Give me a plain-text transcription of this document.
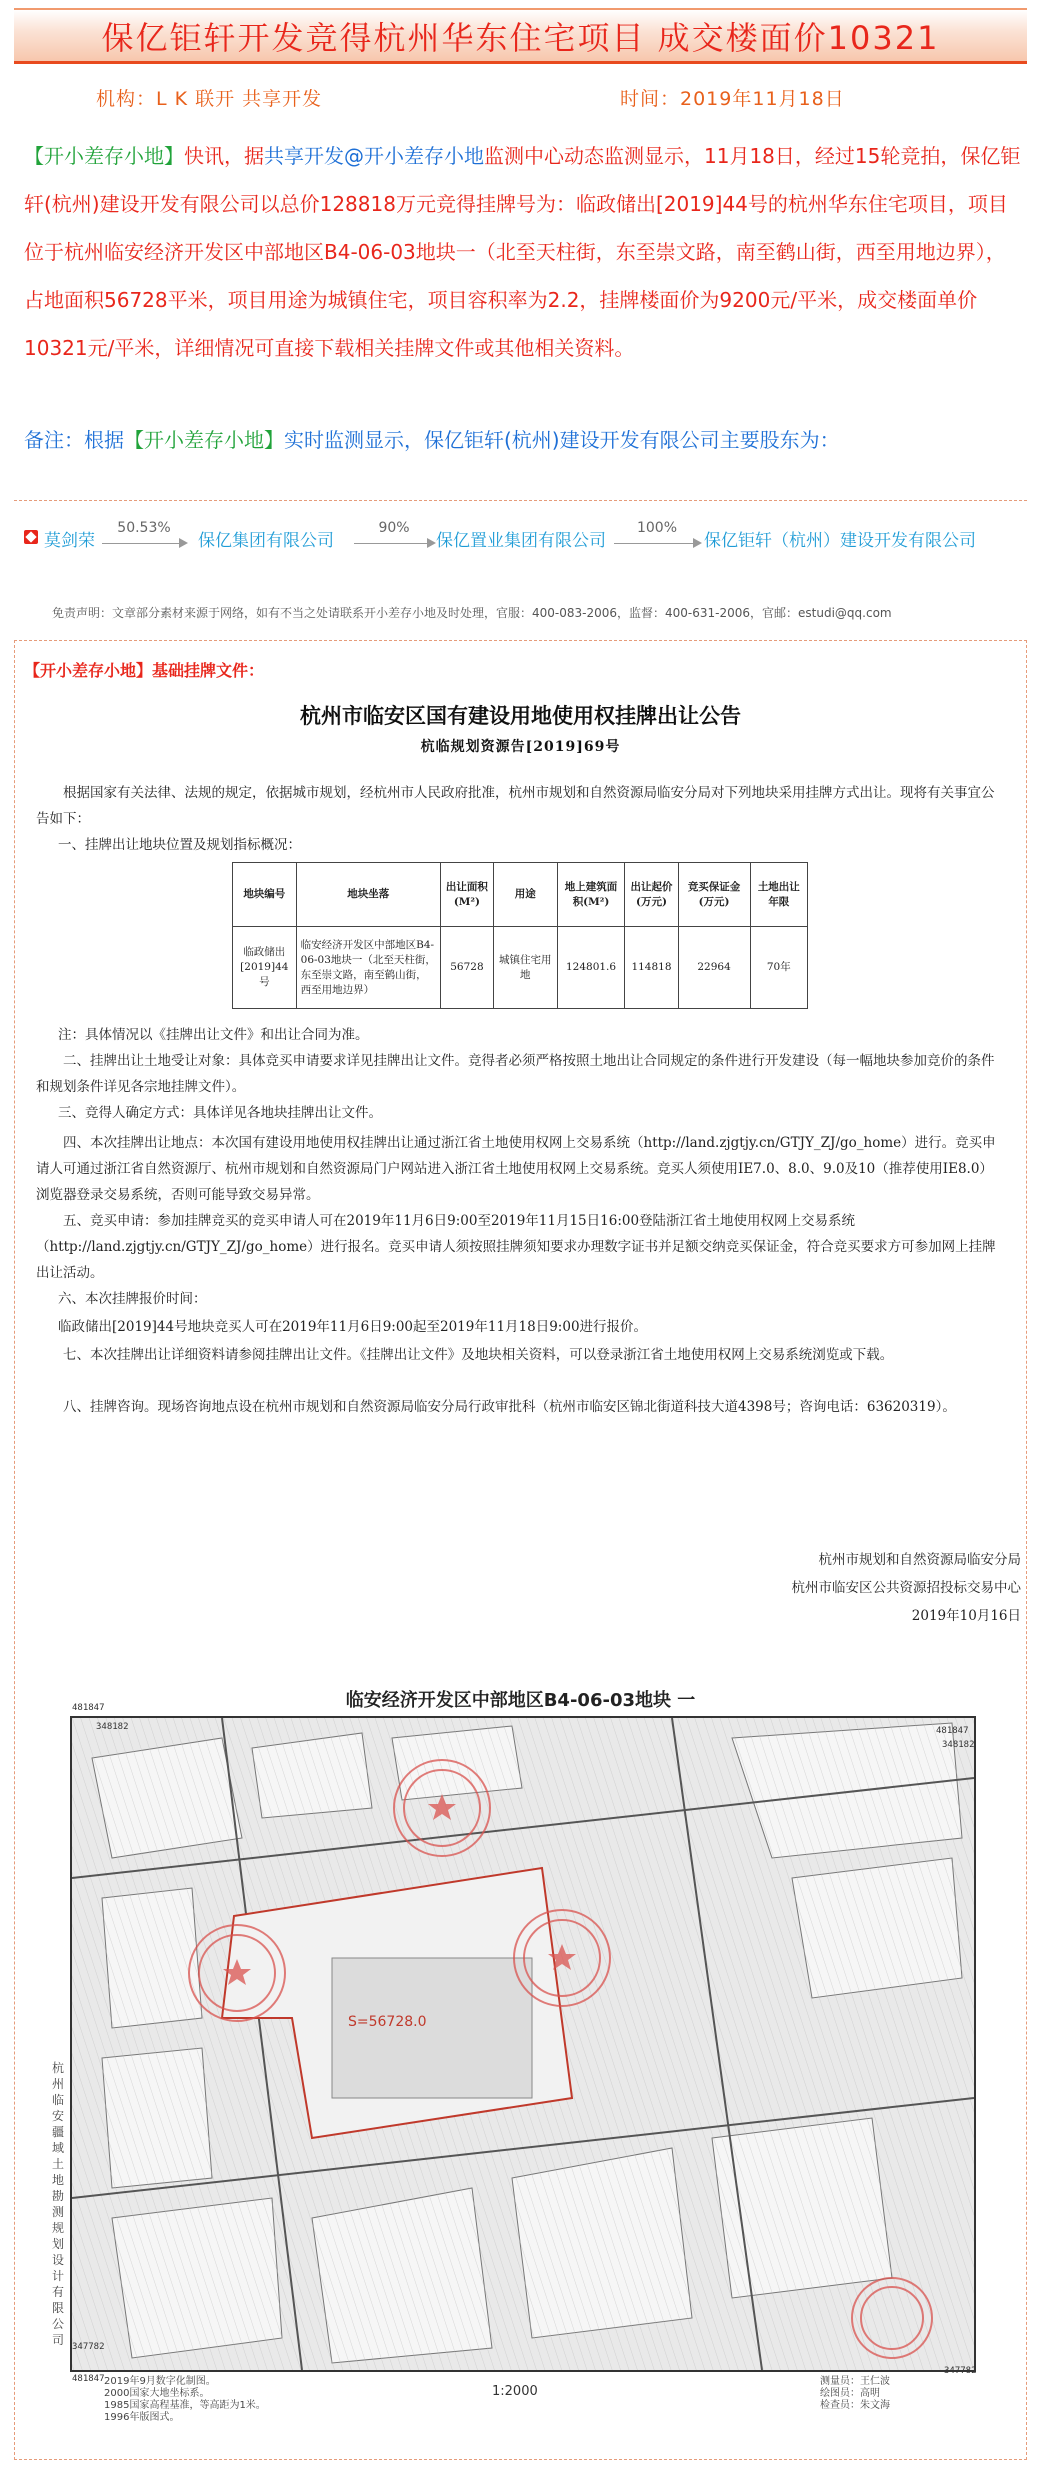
保亿钜轩开发竞得杭州华东住宅项目 成交楼面价10321
机构：L K 联开 共享开发	时间：2019年11月18日
【开小差存小地】快讯，据共享开发@开小差存小地监测中心动态监测显示，11月18日，经过15轮竞拍，保亿钜轩(杭州)建设开发有限公司以总价128818万元竞得挂牌号为：临政储出[2019]44号的杭州华东住宅项目，项目位于杭州临安经济开发区中部地区B4-06-03地块一（北至天柱街，东至崇文路，南至鹤山街，西至用地边界），占地面积56728平米，项目用途为城镇住宅，项目容积率为2.2，挂牌楼面价为9200元/平米，成交楼面单价10321元/平米，详细情况可直接下载相关挂牌文件或其他相关资料。
备注：根据【开小差存小地】实时监测显示，保亿钜轩(杭州)建设开发有限公司主要股东为：
莫剑荣
50.53%
保亿集团有限公司
90%
保亿置业集团有限公司
100%
保亿钜轩（杭州）建设开发有限公司
免责声明：文章部分素材来源于网络，如有不当之处请联系开小差存小地及时处理，官服：400-083-2006，监督：400-631-2006，官邮：estudi@qq.com
【开小差存小地】基础挂牌文件：
杭州市临安区国有建设用地使用权挂牌出让公告
杭临规划资源告[2019]69号
根据国家有关法律、法规的规定，依据城市规划，经杭州市人民政府批准，杭州市规划和自然资源局临安分局对下列地块采用挂牌方式出让。现将有关事宜公告如下：
一、挂牌出让地块位置及规划指标概况：
地块编号	地块坐落	出让面积(M²)	用途	地上建筑面积(M²)	出让起价(万元)	竞买保证金(万元)	土地出让年限
临政储出[2019]44号	临安经济开发区中部地区B4-06-03地块一（北至天柱街，东至崇文路，南至鹤山街，西至用地边界）	56728	城镇住宅用地	124801.6	114818	22964	70年
注：具体情况以《挂牌出让文件》和出让合同为准。
二、挂牌出让土地受让对象：具体竞买申请要求详见挂牌出让文件。竞得者必须严格按照土地出让合同规定的条件进行开发建设（每一幅地块参加竞价的条件和规划条件详见各宗地挂牌文件）。
三、竞得人确定方式：具体详见各地块挂牌出让文件。
四、本次挂牌出让地点：本次国有建设用地使用权挂牌出让通过浙江省土地使用权网上交易系统（http://land.zjgtjy.cn/GTJY_ZJ/go_home）进行。竞买申请人可通过浙江省自然资源厅、杭州市规划和自然资源局门户网站进入浙江省土地使用权网上交易系统。竞买人须使用IE7.0、8.0、9.0及10（推荐使用IE8.0）浏览器登录交易系统，否则可能导致交易异常。
五、竞买申请：参加挂牌竞买的竞买申请人可在2019年11月6日9:00至2019年11月15日16:00登陆浙江省土地使用权网上交易系统（http://land.zjgtjy.cn/GTJY_ZJ/go_home）进行报名。竞买申请人须按照挂牌须知要求办理数字证书并足额交纳竞买保证金，符合竞买要求方可参加网上挂牌出让活动。
六、本次挂牌报价时间：
临政储出[2019]44号地块竞买人可在2019年11月6日9:00起至2019年11月18日9:00进行报价。
七、本次挂牌出让详细资料请参阅挂牌出让文件。《挂牌出让文件》及地块相关资料，可以登录浙江省土地使用权网上交易系统浏览或下载。
八、挂牌咨询。现场咨询地点设在杭州市规划和自然资源局临安分局行政审批科（杭州市临安区锦北街道科技大道4398号；咨询电话：63620319）。
杭州市规划和自然资源局临安分局
杭州市临安区公共资源招投标交易中心
2019年10月16日
临安经济开发区中部地区B4-06-03地块 一
S=56728.0
481847
348182	481847
348182
347782
481847
347782
杭州临安疆域土地勘测规划设计有限公司
2019年9月数字化制图。
2000国家大地坐标系。
1985国家高程基准，等高距为1米。
1996年版图式。
1:2000
测量员：王仁波
绘图员：高明
检查员：朱文海
